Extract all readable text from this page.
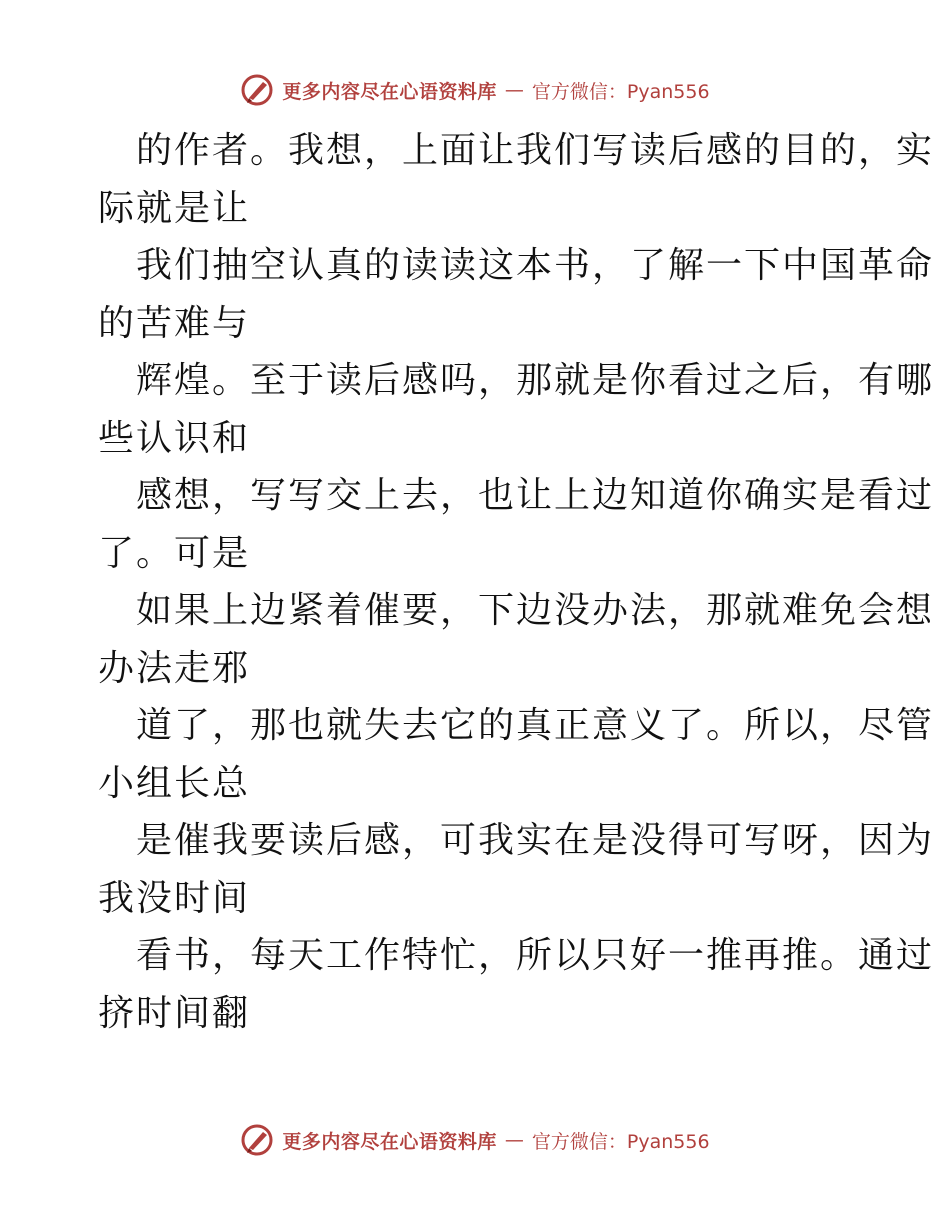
更多内容尽在心语资料库 — 官方微信：Pyan556
的作者。我想，上面让我们写读后感的目的，实
际就是让
我们抽空认真的读读这本书，了解一下中国革命
的苦难与
辉煌。至于读后感吗，那就是你看过之后，有哪
些认识和
感想，写写交上去，也让上边知道你确实是看过
了。可是
如果上边紧着催要，下边没办法，那就难免会想
办法走邪
道了，那也就失去它的真正意义了。所以，尽管
小组长总
是催我要读后感，可我实在是没得可写呀，因为
我没时间
看书，每天工作特忙，所以只好一推再推。通过
挤时间翻
更多内容尽在心语资料库 — 官方微信：Pyan556
